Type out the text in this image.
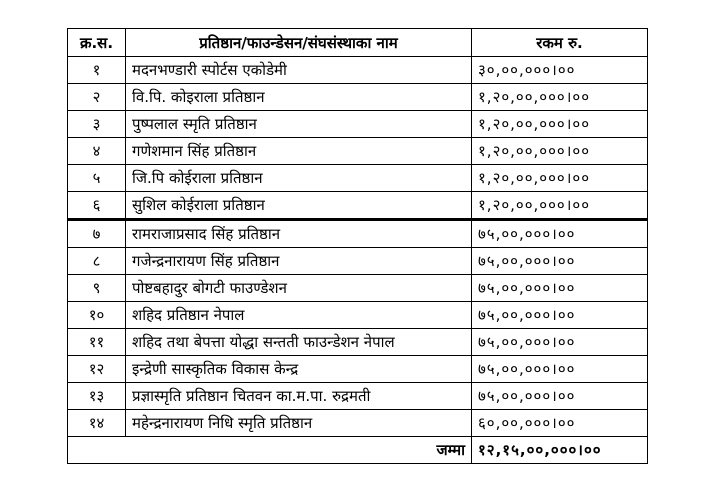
क्र.स.	प्रतिष्ठान/फाउन्डेसन/संघसंस्थाका नाम	रकम रु.
१	मदनभण्डारी स्पोर्टस एकोडेमी	३०,००,०००।००
२	वि.पि. कोइराला प्रतिष्ठान	१,२०,००,०००।००
३	पुष्पलाल स्मृति प्रतिष्ठान	१,२०,००,०००।००
४	गणेशमान सिंह प्रतिष्ठान	१,२०,००,०००।००
५	जि.पि कोईराला प्रतिष्ठान	१,२०,००,०००।००
६	सुशिल कोईराला प्रतिष्ठान	१,२०,००,०००।००
७	रामराजाप्रसाद सिंह प्रतिष्ठान	७५,००,०००।००
८	गजेन्द्रनारायण सिंह प्रतिष्ठान	७५,००,०००।००
९	पोष्टबहादुर बोगटी फाउण्डेशन	७५,००,०००।००
१०	शहिद प्रतिष्ठान नेपाल	७५,००,०००।००
११	शहिद तथा बेपत्ता योद्धा सन्तती फाउन्डेशन नेपाल	७५,००,०००।००
१२	इन्द्रेणी सास्कृतिक विकास केन्द्र	७५,००,०००।००
१३	प्रज्ञास्मृति प्रतिष्ठान चितवन का.म.पा. रुद्रमती	७५,००,०००।००
१४	महेन्द्रनारायण निधि स्मृति प्रतिष्ठान	६०,००,०००।००
जम्मा		१२,१५,००,०००।००
